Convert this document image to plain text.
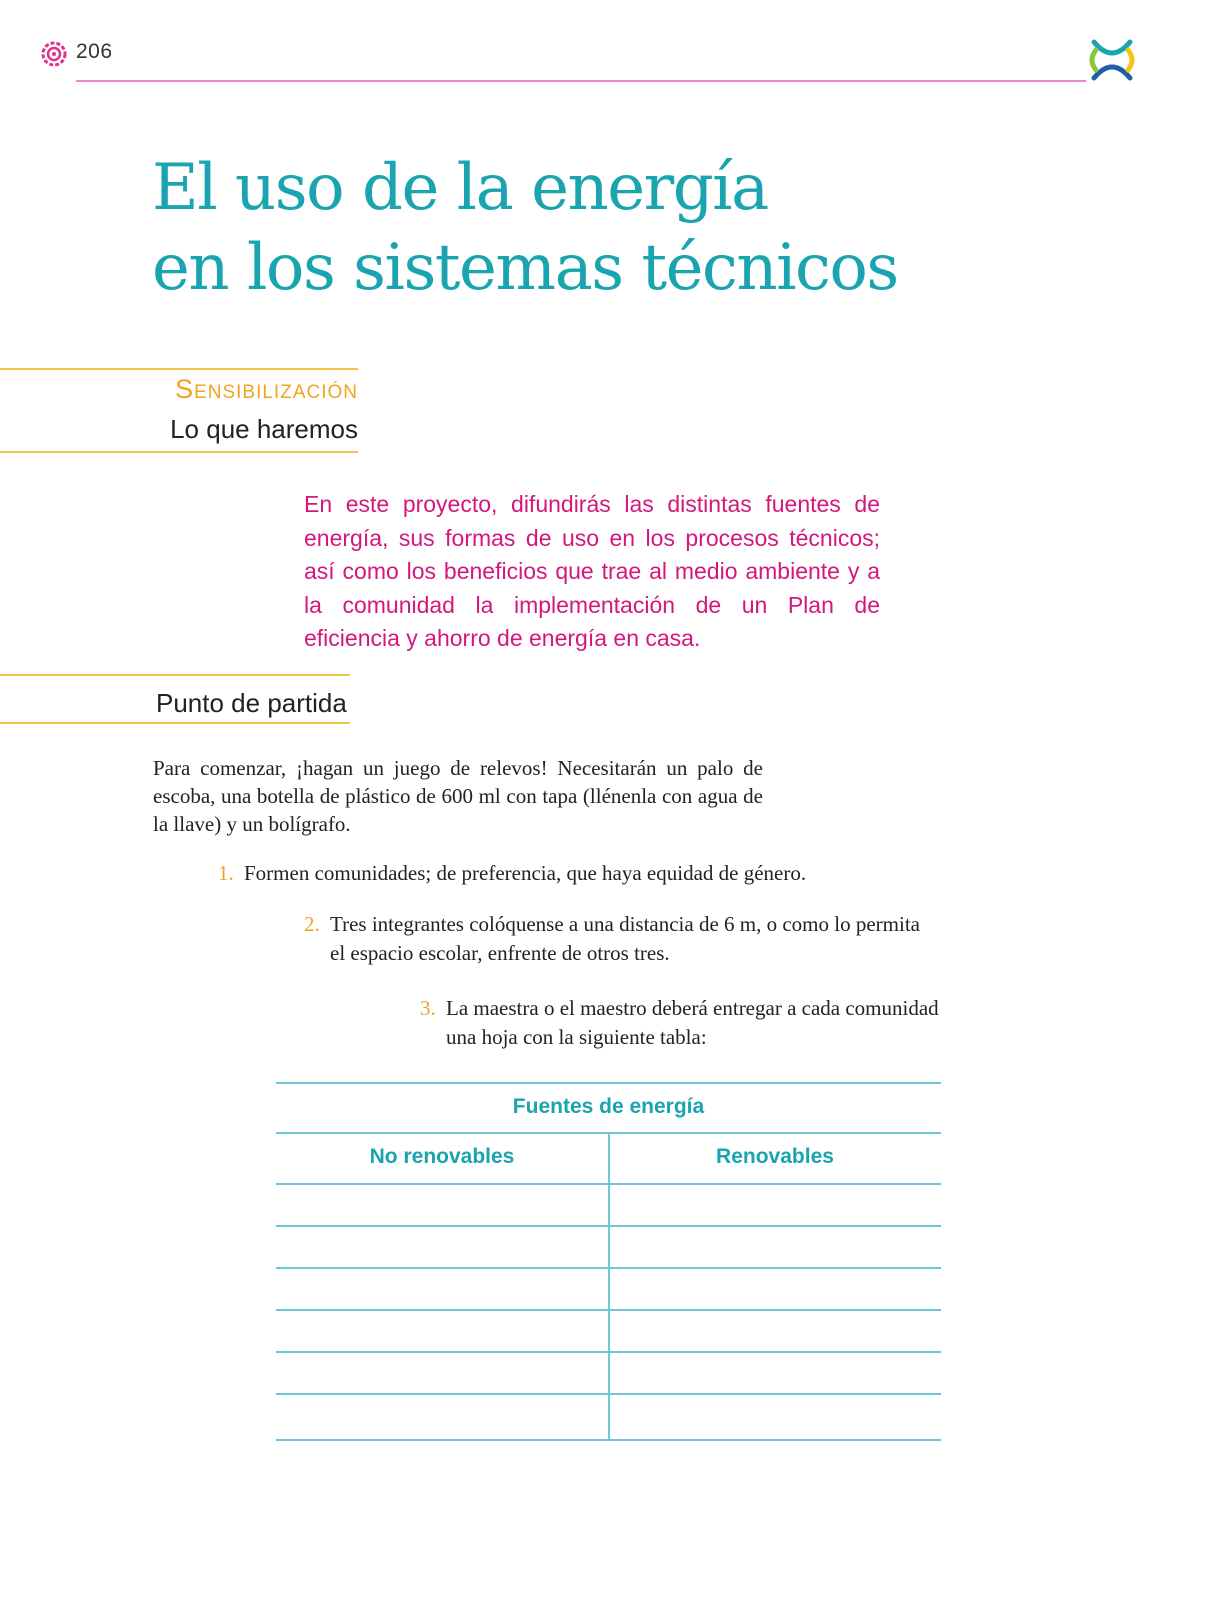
206
El uso de la energía
en los sistemas técnicos
Sensibilización
Lo que haremos

En este proyecto, difundirás las distintas fuentes de energía, sus formas de uso en los procesos técnicos; así como los beneficios que trae al medio ambiente y a la comunidad la implementación de un Plan de eficiencia y ahorro de energía en casa.

Punto de partida

Para comenzar, ¡hagan un juego de relevos! Necesitarán un palo de escoba, una botella de plástico de 600 ml con tapa (llénenla con agua de la llave) y un bolígrafo.

1. Formen comunidades; de preferencia, que haya equidad de género.
2. Tres integrantes colóquense a una distancia de 6 m, o como lo permita el espacio escolar, enfrente de otros tres.
3. La maestra o el maestro deberá entregar a cada comunidad una hoja con la siguiente tabla:
Fuentes de energía
No renovables	Renovables
